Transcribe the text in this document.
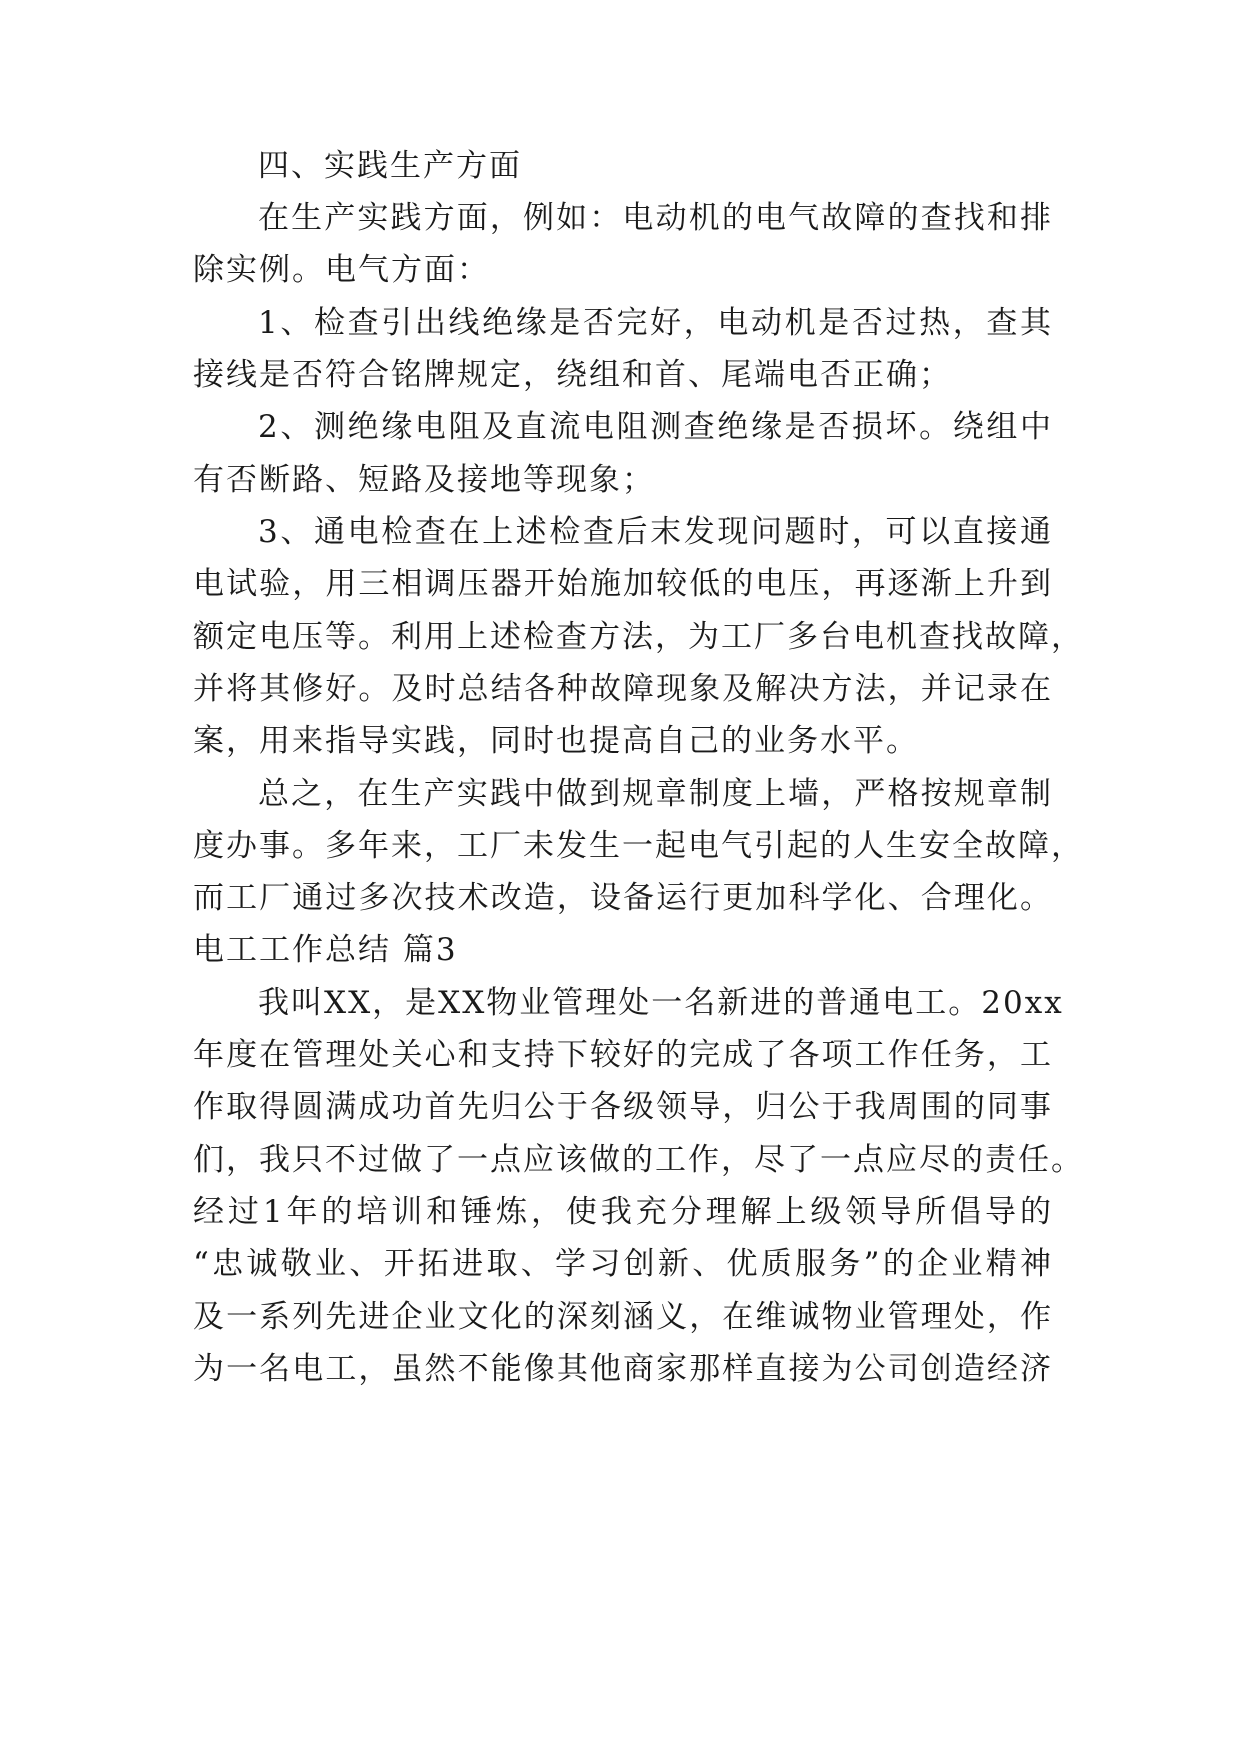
四、实践生产方面
在生产实践方面，例如：电动机的电气故障的查找和排
除实例。电气方面：
1、检查引出线绝缘是否完好，电动机是否过热，查其
接线是否符合铭牌规定，绕组和首、尾端电否正确；
2、测绝缘电阻及直流电阻测查绝缘是否损坏。绕组中
有否断路、短路及接地等现象；
3、通电检查在上述检查后末发现问题时，可以直接通
电试验，用三相调压器开始施加较低的电压，再逐渐上升到
额定电压等。利用上述检查方法，为工厂多台电机查找故障，
并将其修好。及时总结各种故障现象及解决方法，并记录在
案，用来指导实践，同时也提高自己的业务水平。
总之，在生产实践中做到规章制度上墙，严格按规章制
度办事。多年来，工厂未发生一起电气引起的人生安全故障，
而工厂通过多次技术改造，设备运行更加科学化、合理化。
电工工作总结 篇3
我叫XX，是XX物业管理处一名新进的普通电工。20xx
年度在管理处关心和支持下较好的完成了各项工作任务，工
作取得圆满成功首先归公于各级领导，归公于我周围的同事
们，我只不过做了一点应该做的工作，尽了一点应尽的责任。
经过1年的培训和锤炼，使我充分理解上级领导所倡导的
“忠诚敬业、开拓进取、学习创新、优质服务”的企业精神
及一系列先进企业文化的深刻涵义，在维诚物业管理处，作
为一名电工，虽然不能像其他商家那样直接为公司创造经济
